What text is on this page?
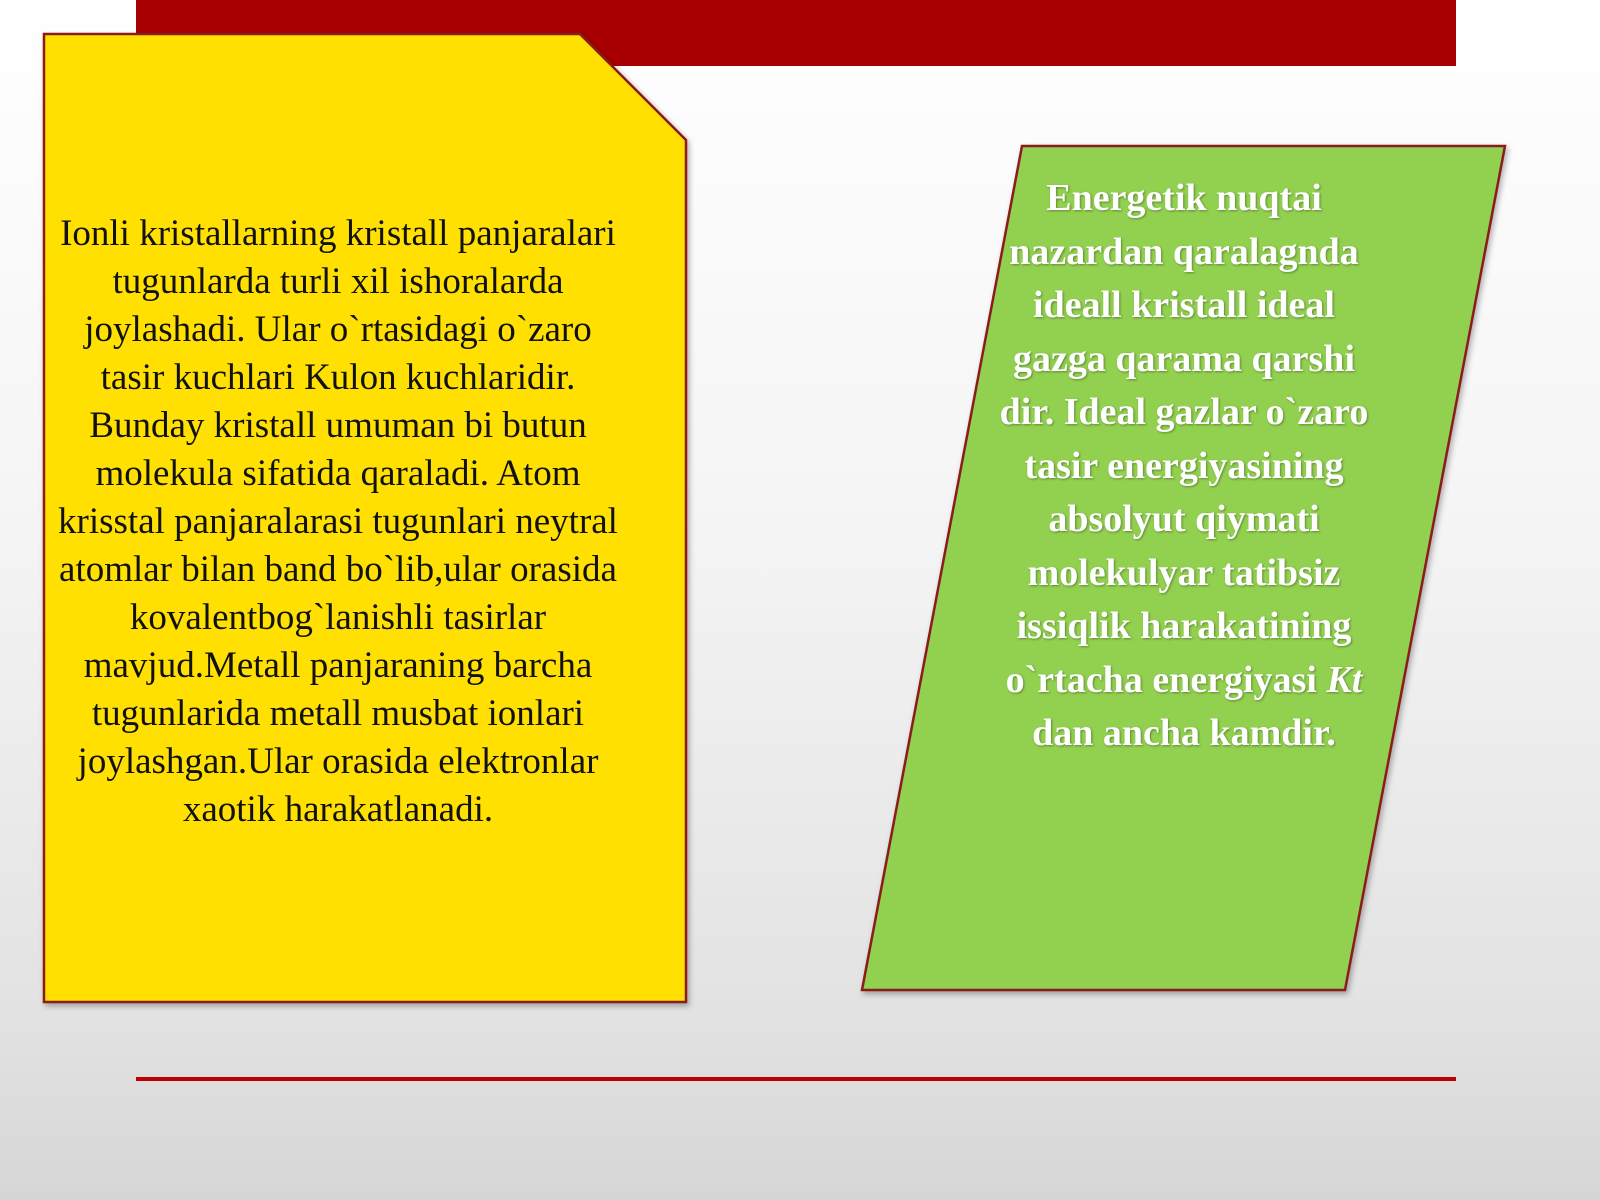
Ionli kristallarning kristall panjaralari tugunlarda turli xil ishoralarda joylashadi. Ular o`rtasidagi o`zaro tasir kuchlari Kulon kuchlaridir. Bunday kristall umuman bi butun molekula sifatida qaraladi. Atom krisstal panjaralarasi tugunlari neytral atomlar bilan band bo`lib,ular orasida kovalentbog`lanishli tasirlar mavjud.Metall panjaraning barcha tugunlarida metall musbat ionlari joylashgan.Ular orasida elektronlar xaotik harakatlanadi.
Energetik nuqtai nazardan qaralagnda ideall kristall ideal gazga qarama qarshi dir. Ideal gazlar o`zaro tasir energiyasining absolyut qiymati molekulyar tatibsiz issiqlik harakatining o`rtacha energiyasi Kt dan ancha kamdir.
